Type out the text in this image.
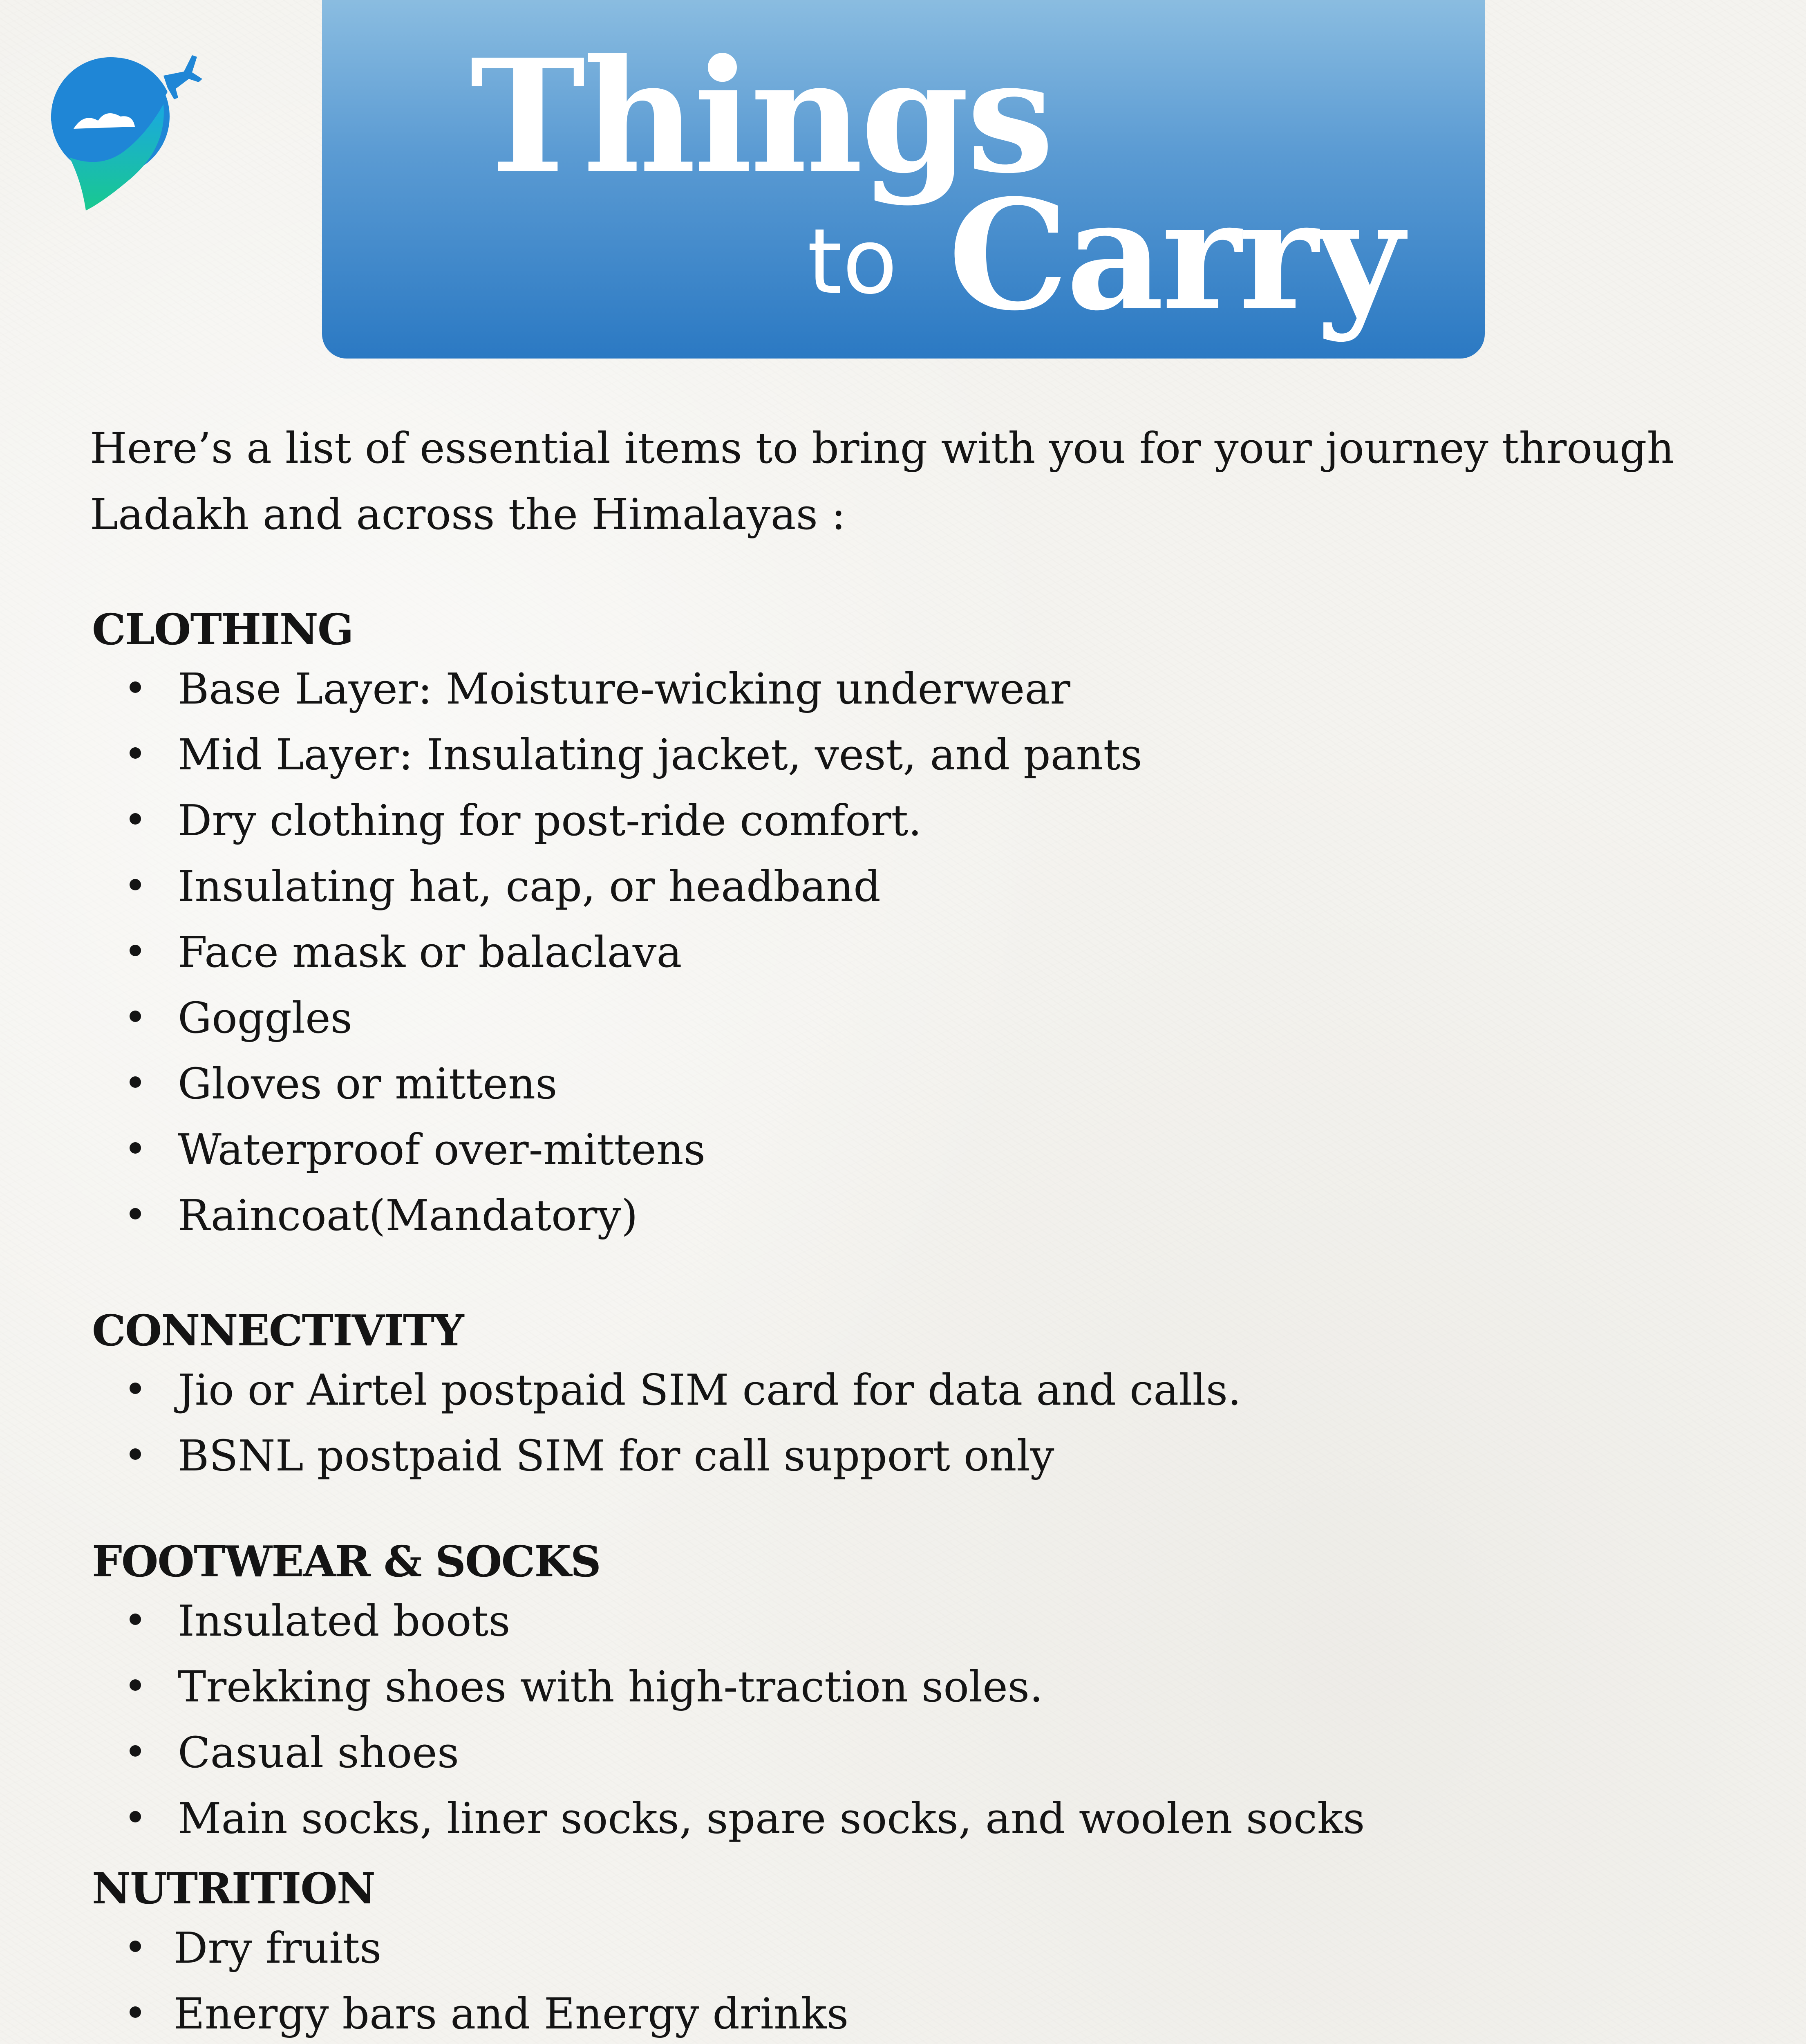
Things
to Carry

Here’s a list of essential items to bring with you for your journey through Ladakh and across the Himalayas :

CLOTHING
Base Layer: Moisture-wicking underwear
Mid Layer: Insulating jacket, vest, and pants
Dry clothing for post-ride comfort.
Insulating hat, cap, or headband
Face mask or balaclava
Goggles
Gloves or mittens
Waterproof over-mittens
Raincoat(Mandatory)
CONNECTIVITY
Jio or Airtel postpaid SIM card for data and calls.
BSNL postpaid SIM for call support only
FOOTWEAR & SOCKS
Insulated boots
Trekking shoes with high-traction soles.
Casual shoes
Main socks, liner socks, spare socks, and woolen socks
NUTRITION
Dry fruits
Energy bars and Energy drinks
